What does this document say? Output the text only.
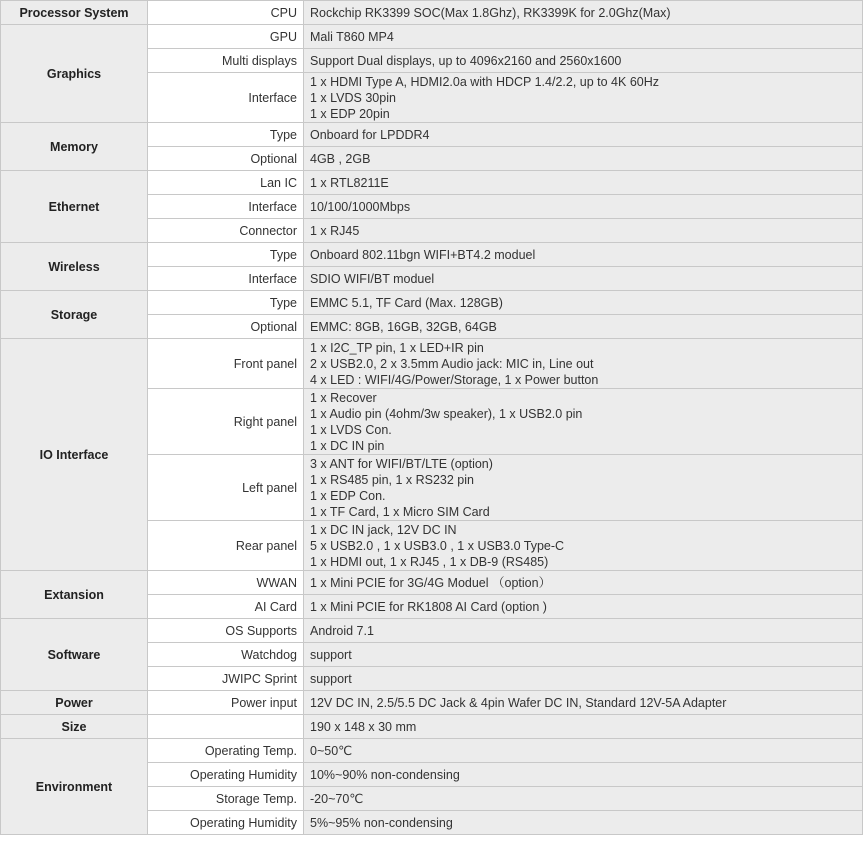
Processor System	CPU	Rockchip RK3399 SOC(Max 1.8Ghz), RK3399K for 2.0Ghz(Max)

Graphics	GPU	Mali T860 MP4

	Multi displays	Support Dual displays, up to 4096x2160 and 2560x1600

	Interface	1 x HDMI Type A, HDMI2.0a with HDCP 1.4/2.2, up to 4K 60Hz
1 x LVDS 30pin
1 x EDP 20pin

Memory	Type	Onboard for LPDDR4

	Optional	4GB , 2GB

Ethernet	Lan IC	1 x RTL8211E

	Interface	10/100/1000Mbps

	Connector	1 x RJ45

Wireless	Type	Onboard 802.11bgn WIFI+BT4.2 moduel

	Interface	SDIO WIFI/BT moduel

Storage	Type	EMMC 5.1, TF Card (Max. 128GB)

	Optional	EMMC: 8GB, 16GB, 32GB, 64GB

IO Interface	Front panel	1 x I2C_TP pin, 1 x LED+IR pin
2 x USB2.0, 2 x 3.5mm Audio jack: MIC in, Line out
4 x LED : WIFI/4G/Power/Storage, 1 x Power button

	Right panel	1 x Recover
1 x Audio pin (4ohm/3w speaker), 1 x USB2.0 pin
1 x LVDS Con.
1 x DC IN pin

	Left panel	3 x ANT for WIFI/BT/LTE (option)
1 x RS485 pin, 1 x RS232 pin
1 x EDP Con.
1 x TF Card, 1 x Micro SIM Card

	Rear panel	1 x DC IN jack, 12V DC IN
5 x USB2.0 , 1 x USB3.0 , 1 x USB3.0 Type-C
1 x HDMI out, 1 x RJ45 , 1 x DB-9 (RS485)

Extansion	WWAN	1 x Mini PCIE for 3G/4G Moduel （option）

	AI Card	1 x Mini PCIE for RK1808 AI Card (option )

Software	OS Supports	Android 7.1

	Watchdog	support

	JWIPC Sprint	support

Power	Power input	12V DC IN, 2.5/5.5 DC Jack & 4pin Wafer DC IN, Standard 12V-5A Adapter

Size		190 x 148 x 30 mm

Environment	Operating Temp.	0~50℃

	Operating Humidity	10%~90% non-condensing

	Storage Temp.	-20~70℃

	Operating Humidity	5%~95% non-condensing
